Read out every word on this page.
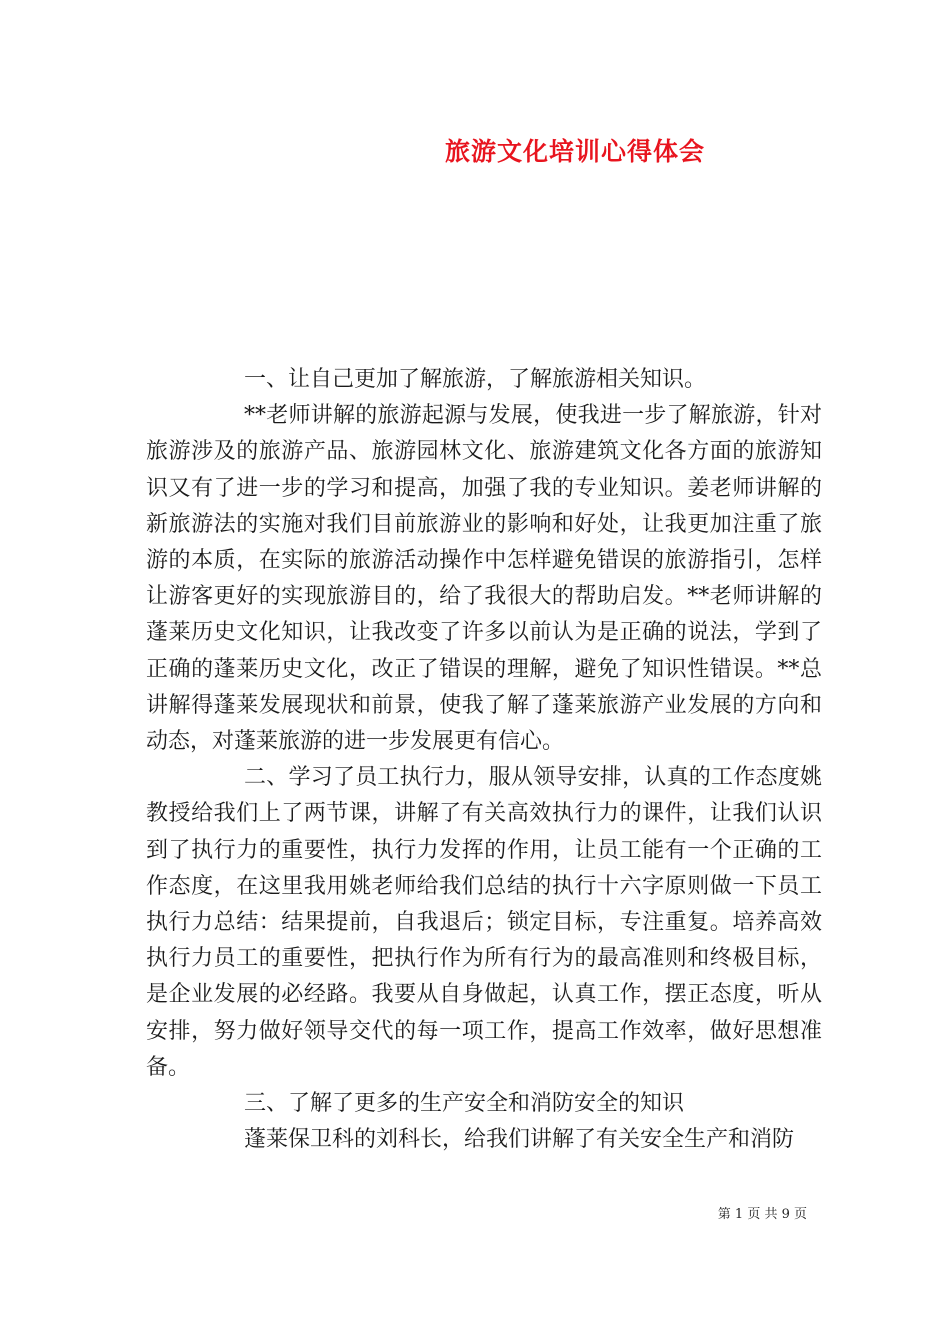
旅游文化培训心得体会

一、让自己更加了解旅游，了解旅游相关知识。

**老师讲解的旅游起源与发展，使我进一步了解旅游，针对旅游涉及的旅游产品、旅游园林文化、旅游建筑文化各方面的旅游知识又有了进一步的学习和提高，加强了我的专业知识。姜老师讲解的新旅游法的实施对我们目前旅游业的影响和好处，让我更加注重了旅游的本质，在实际的旅游活动操作中怎样避免错误的旅游指引，怎样让游客更好的实现旅游目的，给了我很大的帮助启发。**老师讲解的蓬莱历史文化知识，让我改变了许多以前认为是正确的说法，学到了正确的蓬莱历史文化，改正了错误的理解，避免了知识性错误。**总讲解得蓬莱发展现状和前景，使我了解了蓬莱旅游产业发展的方向和动态，对蓬莱旅游的进一步发展更有信心。

二、学习了员工执行力，服从领导安排，认真的工作态度姚教授给我们上了两节课，讲解了有关高效执行力的课件，让我们认识到了执行力的重要性，执行力发挥的作用，让员工能有一个正确的工作态度，在这里我用姚老师给我们总结的执行十六字原则做一下员工执行力总结：结果提前，自我退后；锁定目标，专注重复。培养高效执行力员工的重要性，把执行作为所有行为的最高准则和终极目标，是企业发展的必经路。我要从自身做起，认真工作，摆正态度，听从安排，努力做好领导交代的每一项工作，提高工作效率，做好思想准备。

三、了解了更多的生产安全和消防安全的知识

蓬莱保卫科的刘科长，给我们讲解了有关安全生产和消防

第 1 页 共 9 页
